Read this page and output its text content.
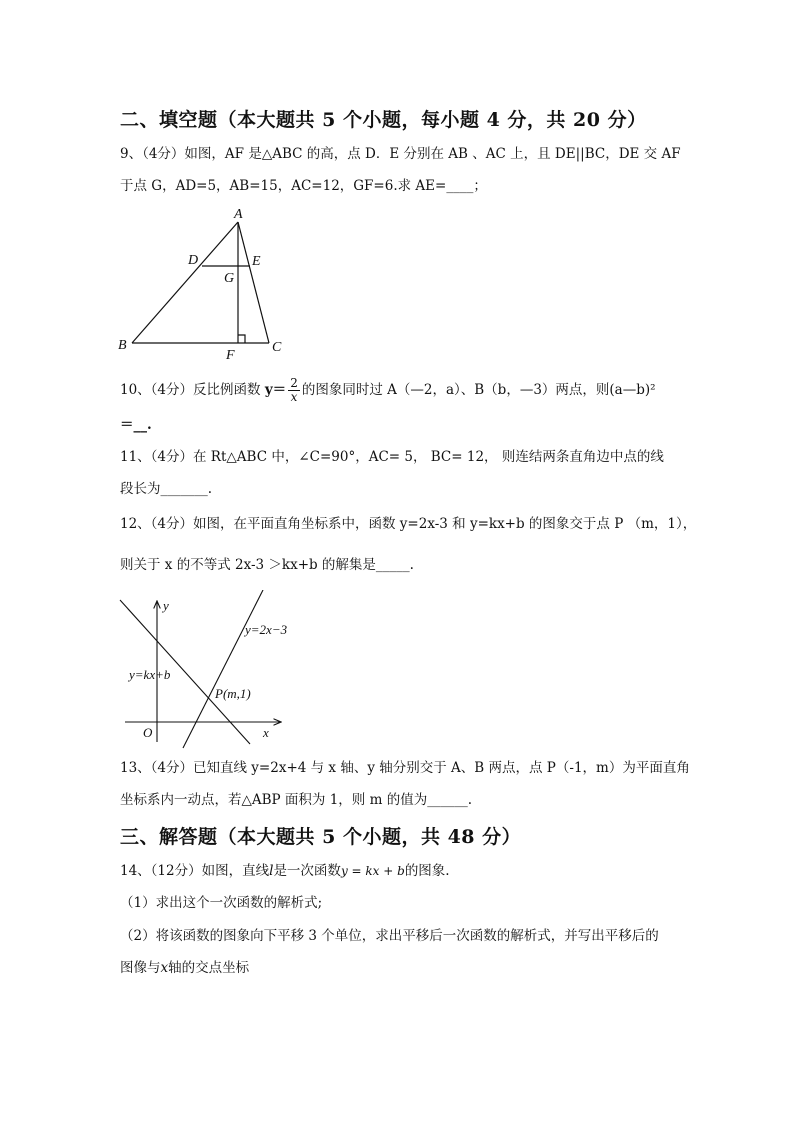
二、填空题（本大题共 5 个小题，每小题 4 分，共 20 分）
9、（4分）如图，AF 是△ABC 的高，点 D．E 分别在 AB 、AC 上，且 DE||BC，DE 交 AF
于点 G，AD=5，AB=15，AC=12，GF=6.求 AE=____；
A
D	E
G
B	C
F
10、（4分）反比例函数 $y= \frac{2}{x}$ 的图象同时过 A（—2，a）、B（b，—3）两点，则(a—b)²
＝__.
11、（4分）在 Rt△ABC 中，∠C=90°，AC= 5， BC= 12， 则连结两条直角边中点的线
段长为_______.
12、（4分）如图，在平面直角坐标系中，函数 y=2x-3 和 y=kx+b 的图象交于点 P （m，1），
则关于 x 的不等式 2x-3 ＞kx+b 的解集是_____.
y
x
O
y=2x−3
y=kx+b
P(m,1)
13、（4分）已知直线 y=2x+4 与 x 轴、y 轴分别交于 A、B 两点，点 P（-1，m）为平面直角
坐标系内一动点，若△ABP 面积为 1，则 m 的值为______.
三、解答题（本大题共 5 个小题，共 48 分）
14、（12分）如图，直线l是一次函数y = kx + b的图象.
（1）求出这个一次函数的解析式;
（2）将该函数的图象向下平移 3 个单位，求出平移后一次函数的解析式，并写出平移后的
图像与x轴的交点坐标
